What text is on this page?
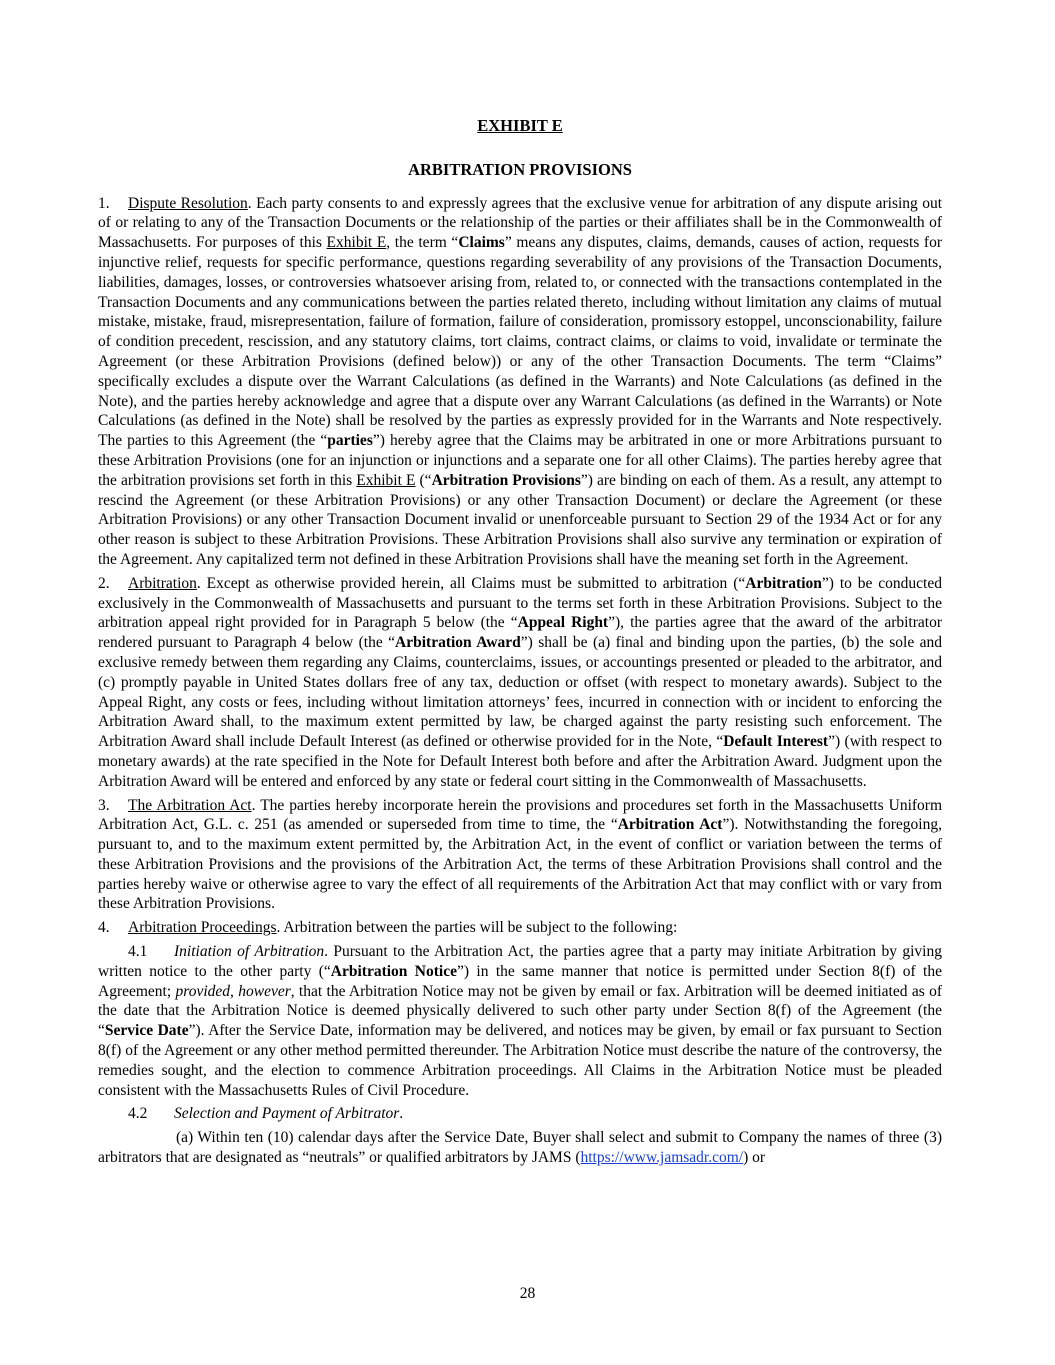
EXHIBIT E
ARBITRATION PROVISIONS

1. Dispute Resolution. Each party consents to and expressly agrees that the exclusive venue for arbitration of any dispute arising out of or relating to any of the Transaction Documents or the relationship of the parties or their affiliates shall be in the Commonwealth of Massachusetts. For purposes of this Exhibit E, the term “Claims” means any disputes, claims, demands, causes of action, requests for injunctive relief, requests for specific performance, questions regarding severability of any provisions of the Transaction Documents, liabilities, damages, losses, or controversies whatsoever arising from, related to, or connected with the transactions contemplated in the Transaction Documents and any communications between the parties related thereto, including without limitation any claims of mutual mistake, mistake, fraud, misrepresentation, failure of formation, failure of consideration, promissory estoppel, unconscionability, failure of condition precedent, rescission, and any statutory claims, tort claims, contract claims, or claims to void, invalidate or terminate the Agreement (or these Arbitration Provisions (defined below)) or any of the other Transaction Documents. The term “Claims” specifically excludes a dispute over the Warrant Calculations (as defined in the Warrants) and Note Calculations (as defined in the Note), and the parties hereby acknowledge and agree that a dispute over any Warrant Calculations (as defined in the Warrants) or Note Calculations (as defined in the Note) shall be resolved by the parties as expressly provided for in the Warrants and Note respectively. The parties to this Agreement (the “parties”) hereby agree that the Claims may be arbitrated in one or more Arbitrations pursuant to these Arbitration Provisions (one for an injunction or injunctions and a separate one for all other Claims). The parties hereby agree that the arbitration provisions set forth in this Exhibit E (“Arbitration Provisions”) are binding on each of them. As a result, any attempt to rescind the Agreement (or these Arbitration Provisions) or any other Transaction Document) or declare the Agreement (or these Arbitration Provisions) or any other Transaction Document invalid or unenforceable pursuant to Section 29 of the 1934 Act or for any other reason is subject to these Arbitration Provisions. These Arbitration Provisions shall also survive any termination or expiration of the Agreement. Any capitalized term not defined in these Arbitration Provisions shall have the meaning set forth in the Agreement.

2. Arbitration. Except as otherwise provided herein, all Claims must be submitted to arbitration (“Arbitration”) to be conducted exclusively in the Commonwealth of Massachusetts and pursuant to the terms set forth in these Arbitration Provisions. Subject to the arbitration appeal right provided for in Paragraph 5 below (the “Appeal Right”), the parties agree that the award of the arbitrator rendered pursuant to Paragraph 4 below (the “Arbitration Award”) shall be (a) final and binding upon the parties, (b) the sole and exclusive remedy between them regarding any Claims, counterclaims, issues, or accountings presented or pleaded to the arbitrator, and (c) promptly payable in United States dollars free of any tax, deduction or offset (with respect to monetary awards). Subject to the Appeal Right, any costs or fees, including without limitation attorneys’ fees, incurred in connection with or incident to enforcing the Arbitration Award shall, to the maximum extent permitted by law, be charged against the party resisting such enforcement. The Arbitration Award shall include Default Interest (as defined or otherwise provided for in the Note, “Default Interest”) (with respect to monetary awards) at the rate specified in the Note for Default Interest both before and after the Arbitration Award. Judgment upon the Arbitration Award will be entered and enforced by any state or federal court sitting in the Commonwealth of Massachusetts.

3. The Arbitration Act. The parties hereby incorporate herein the provisions and procedures set forth in the Massachusetts Uniform Arbitration Act, G.L. c. 251 (as amended or superseded from time to time, the “Arbitration Act”). Notwithstanding the foregoing, pursuant to, and to the maximum extent permitted by, the Arbitration Act, in the event of conflict or variation between the terms of these Arbitration Provisions and the provisions of the Arbitration Act, the terms of these Arbitration Provisions shall control and the parties hereby waive or otherwise agree to vary the effect of all requirements of the Arbitration Act that may conflict with or vary from these Arbitration Provisions.

4. Arbitration Proceedings. Arbitration between the parties will be subject to the following:

4.1 Initiation of Arbitration. Pursuant to the Arbitration Act, the parties agree that a party may initiate Arbitration by giving written notice to the other party (“Arbitration Notice”) in the same manner that notice is permitted under Section 8(f) of the Agreement; provided, however, that the Arbitration Notice may not be given by email or fax. Arbitration will be deemed initiated as of the date that the Arbitration Notice is deemed physically delivered to such other party under Section 8(f) of the Agreement (the “Service Date”). After the Service Date, information may be delivered, and notices may be given, by email or fax pursuant to Section 8(f) of the Agreement or any other method permitted thereunder. The Arbitration Notice must describe the nature of the controversy, the remedies sought, and the election to commence Arbitration proceedings. All Claims in the Arbitration Notice must be pleaded consistent with the Massachusetts Rules of Civil Procedure.

4.2 Selection and Payment of Arbitrator.

(a) Within ten (10) calendar days after the Service Date, Buyer shall select and submit to Company the names of three (3) arbitrators that are designated as “neutrals” or qualified arbitrators by JAMS (https://www.jamsadr.com/) or

28
